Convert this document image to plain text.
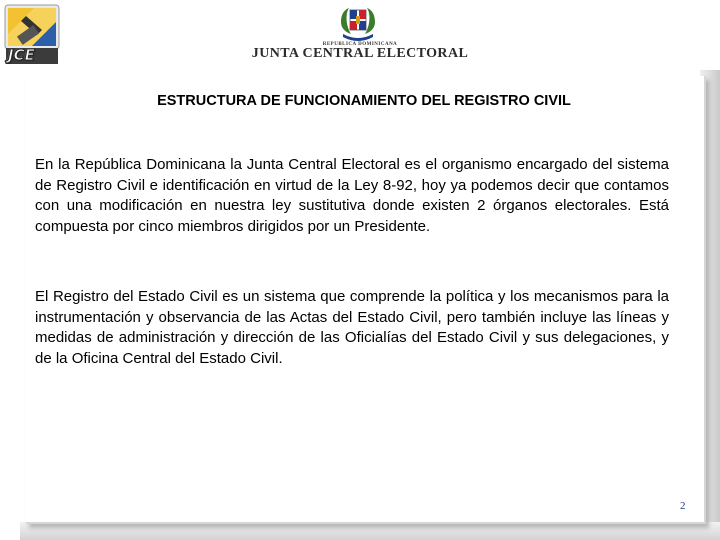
JCE
REPUBLICA DOMINICANA
JUNTA CENTRAL ELECTORAL
ESTRUCTURA DE FUNCIONAMIENTO DEL REGISTRO CIVIL

En la República Dominicana la Junta Central Electoral es el organismo encargado del sistema de Registro Civil e identificación en virtud de la Ley 8-92, hoy ya podemos decir que contamos con una modificación en nuestra ley sustitutiva donde existen 2 órganos electorales. Está compuesta por cinco miembros dirigidos por un Presidente.

El Registro del Estado Civil es un sistema que comprende la política y los mecanismos para la instrumentación y observancia de las Actas del Estado Civil, pero también incluye las líneas y medidas de administración y dirección de las Oficialías del Estado Civil y sus delegaciones, y de la Oficina Central del Estado Civil.

2
